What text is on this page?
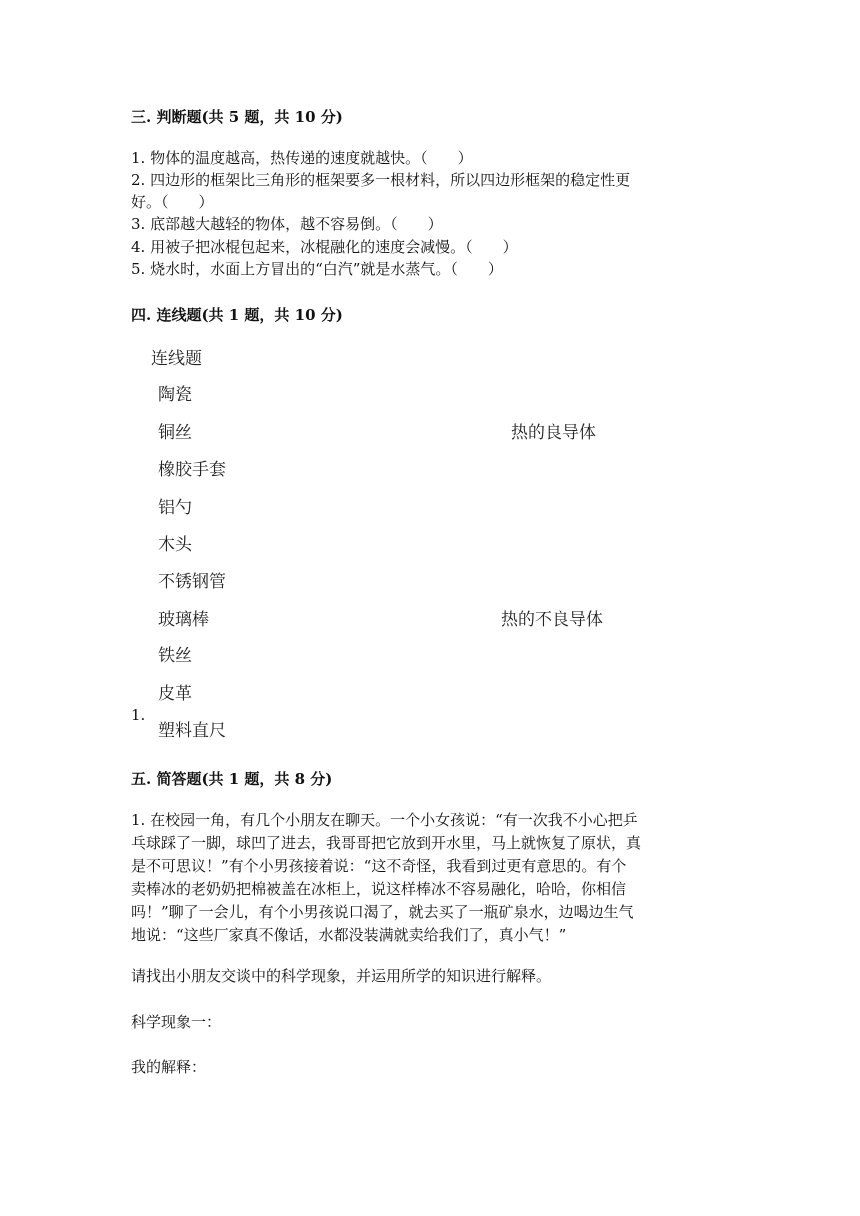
三. 判断题(共 5 题，共 10 分)
1. 物体的温度越高，热传递的速度就越快。（　　）
2. 四边形的框架比三角形的框架要多一根材料，所以四边形框架的稳定性更
好。（　　）
3. 底部越大越轻的物体，越不容易倒。（　　）
4. 用被子把冰棍包起来，冰棍融化的速度会减慢。（　　）
5. 烧水时，水面上方冒出的“白汽”就是水蒸气。（　　）
四. 连线题(共 1 题，共 10 分)
连线题
陶瓷
铜丝
橡胶手套
铝勺
木头
不锈钢管
玻璃棒
铁丝
皮革
塑料直尺
热的良导体
热的不良导体
1.
五. 简答题(共 1 题，共 8 分)
1. 在校园一角，有几个小朋友在聊天。一个小女孩说：“有一次我不小心把乒
乓球踩了一脚，球凹了进去，我哥哥把它放到开水里，马上就恢复了原状，真
是不可思议！”有个小男孩接着说：“这不奇怪，我看到过更有意思的。有个
卖棒冰的老奶奶把棉被盖在冰柜上，说这样棒冰不容易融化，哈哈，你相信
吗！”聊了一会儿，有个小男孩说口渴了，就去买了一瓶矿泉水，边喝边生气
地说：“这些厂家真不像话，水都没装满就卖给我们了，真小气！”
请找出小朋友交谈中的科学现象，并运用所学的知识进行解释。
科学现象一：
我的解释：
